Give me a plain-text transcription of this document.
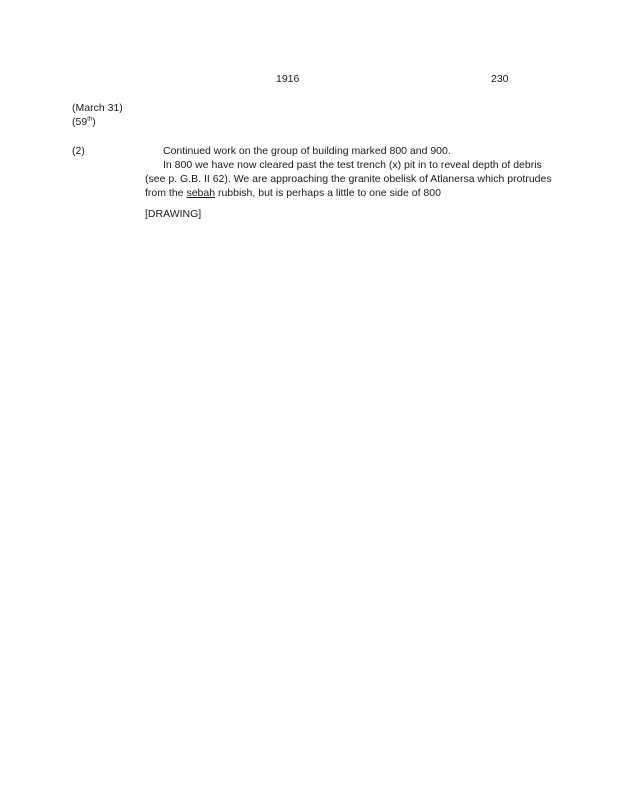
1916	230
(March 31)
(59th)
(2)	Continued work on the group of building marked 800 and 900.

In 800 we have now cleared past the test trench (x) pit in to reveal depth of debris

(see p. G.B. II 62). We are approaching the granite obelisk of Atlanersa which protrudes

from the sebah rubbish, but is perhaps a little to one side of 800

[DRAWING]
